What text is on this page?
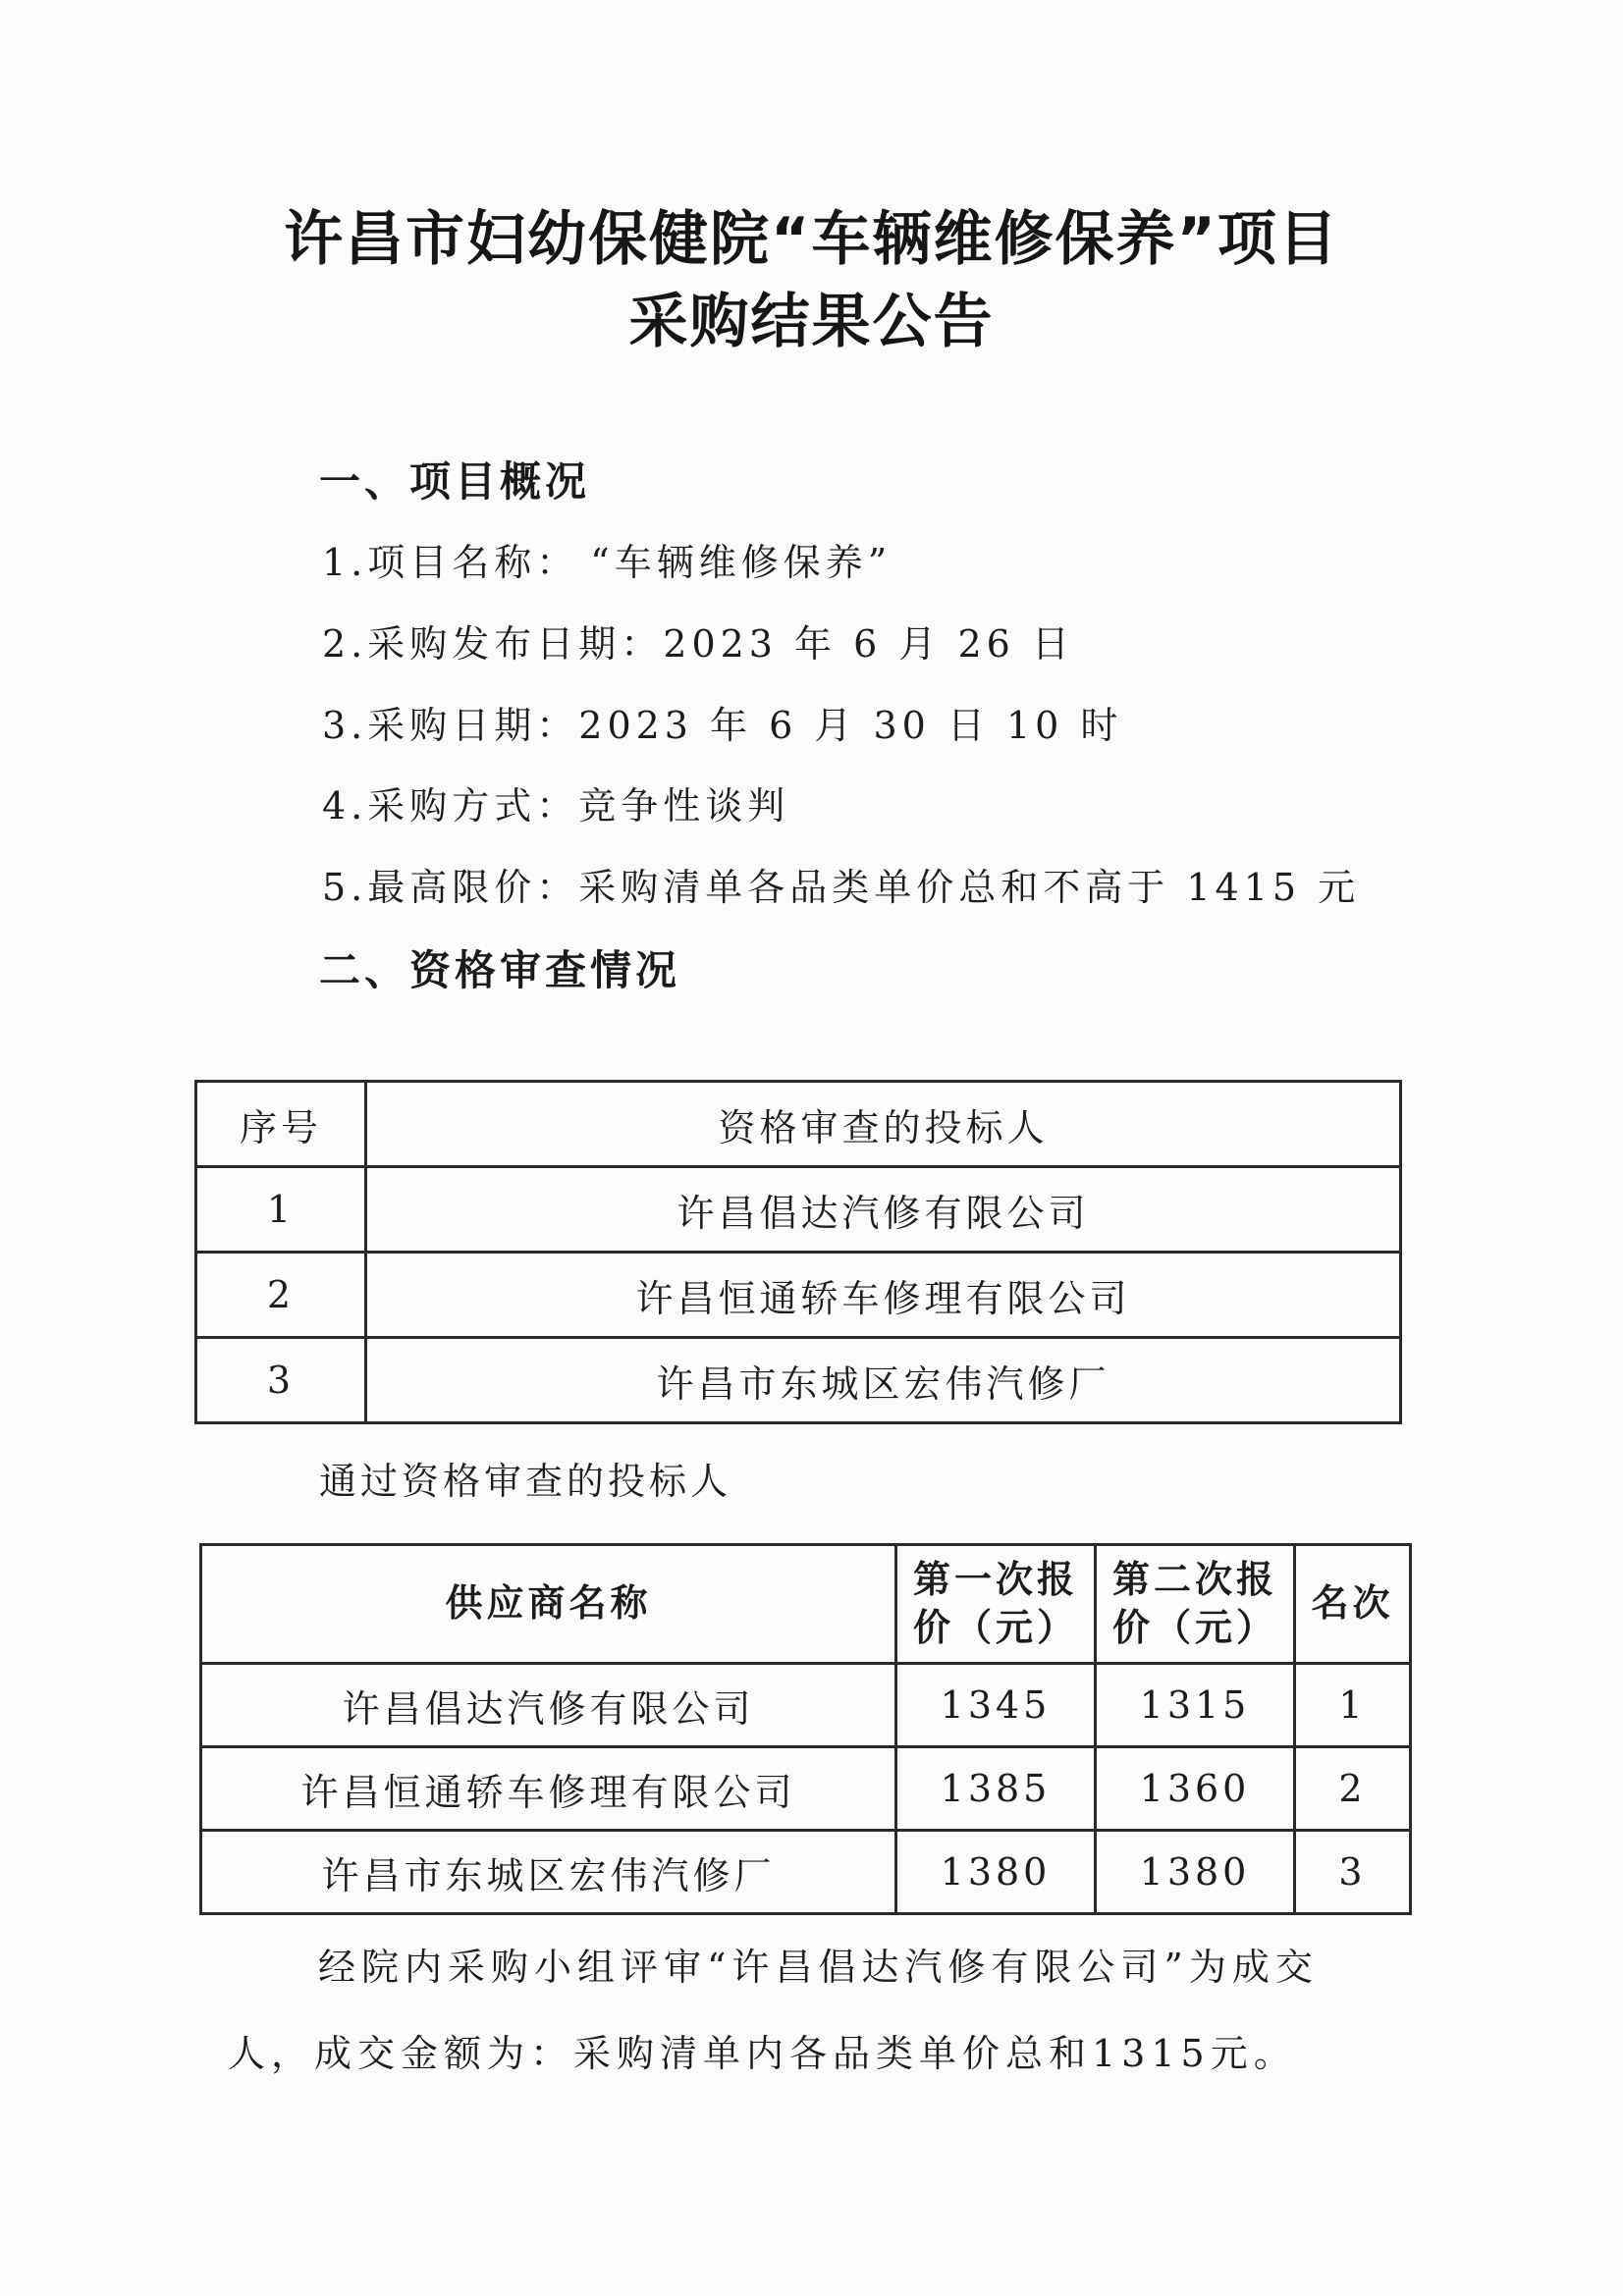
许昌市妇幼保健院“车辆维修保养”项目
采购结果公告
一、项目概况
1.项目名称： “车辆维修保养”
2.采购发布日期：2023 年 6 月 26 日
3.采购日期：2023 年 6 月 30 日 10 时
4.采购方式：竞争性谈判
5.最高限价：采购清单各品类单价总和不高于 1415 元
二、资格审查情况
序号	资格审查的投标人
1	许昌倡达汽修有限公司
2	许昌恒通轿车修理有限公司
3	许昌市东城区宏伟汽修厂
通过资格审查的投标人
供应商名称	第一次报价（元）	第二次报价（元）	名次
许昌倡达汽修有限公司	1345	1315	1
许昌恒通轿车修理有限公司	1385	1360	2
许昌市东城区宏伟汽修厂	1380	1380	3
经院内采购小组评审“许昌倡达汽修有限公司”为成交人，成交金额为：采购清单内各品类单价总和1315元。
